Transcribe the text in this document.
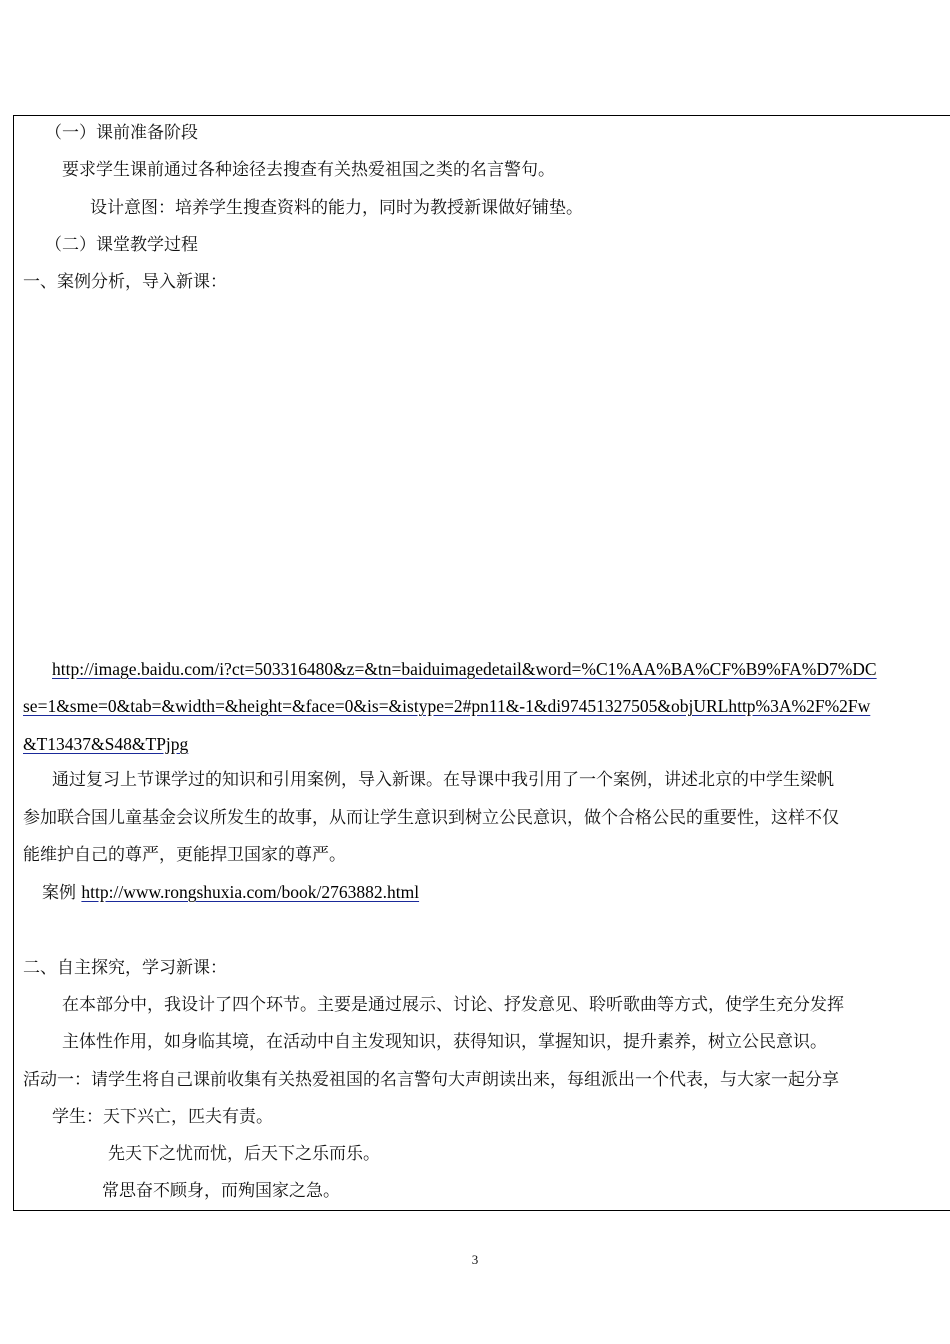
（一）课前准备阶段
要求学生课前通过各种途径去搜查有关热爱祖国之类的名言警句。
设计意图：培养学生搜查资料的能力，同时为教授新课做好铺垫。
（二）课堂教学过程
一、案例分析，导入新课：
http://image.baidu.com/i?ct=503316480&z=&tn=baiduimagedetail&word=%C1%AA%BA%CF%B9%FA%D7%DC
se=1&sme=0&tab=&width=&height=&face=0&is=&istype=2#pn11&-1&di97451327505&objURLhttp%3A%2F%2Fw
&T13437&S48&TPjpg
通过复习上节课学过的知识和引用案例，导入新课。在导课中我引用了一个案例，讲述北京的中学生梁帆
参加联合国儿童基金会议所发生的故事，从而让学生意识到树立公民意识，做个合格公民的重要性，这样不仅
能维护自己的尊严，更能捍卫国家的尊严。
案例 http://www.rongshuxia.com/book/2763882.html
二、自主探究，学习新课：
在本部分中，我设计了四个环节。主要是通过展示、讨论、抒发意见、聆听歌曲等方式，使学生充分发挥
主体性作用，如身临其境，在活动中自主发现知识，获得知识，掌握知识，提升素养，树立公民意识。
活动一：请学生将自己课前收集有关热爱祖国的名言警句大声朗读出来，每组派出一个代表，与大家一起分享
学生：天下兴亡，匹夫有责。
先天下之忧而忧，后天下之乐而乐。
常思奋不顾身，而殉国家之急。
3
